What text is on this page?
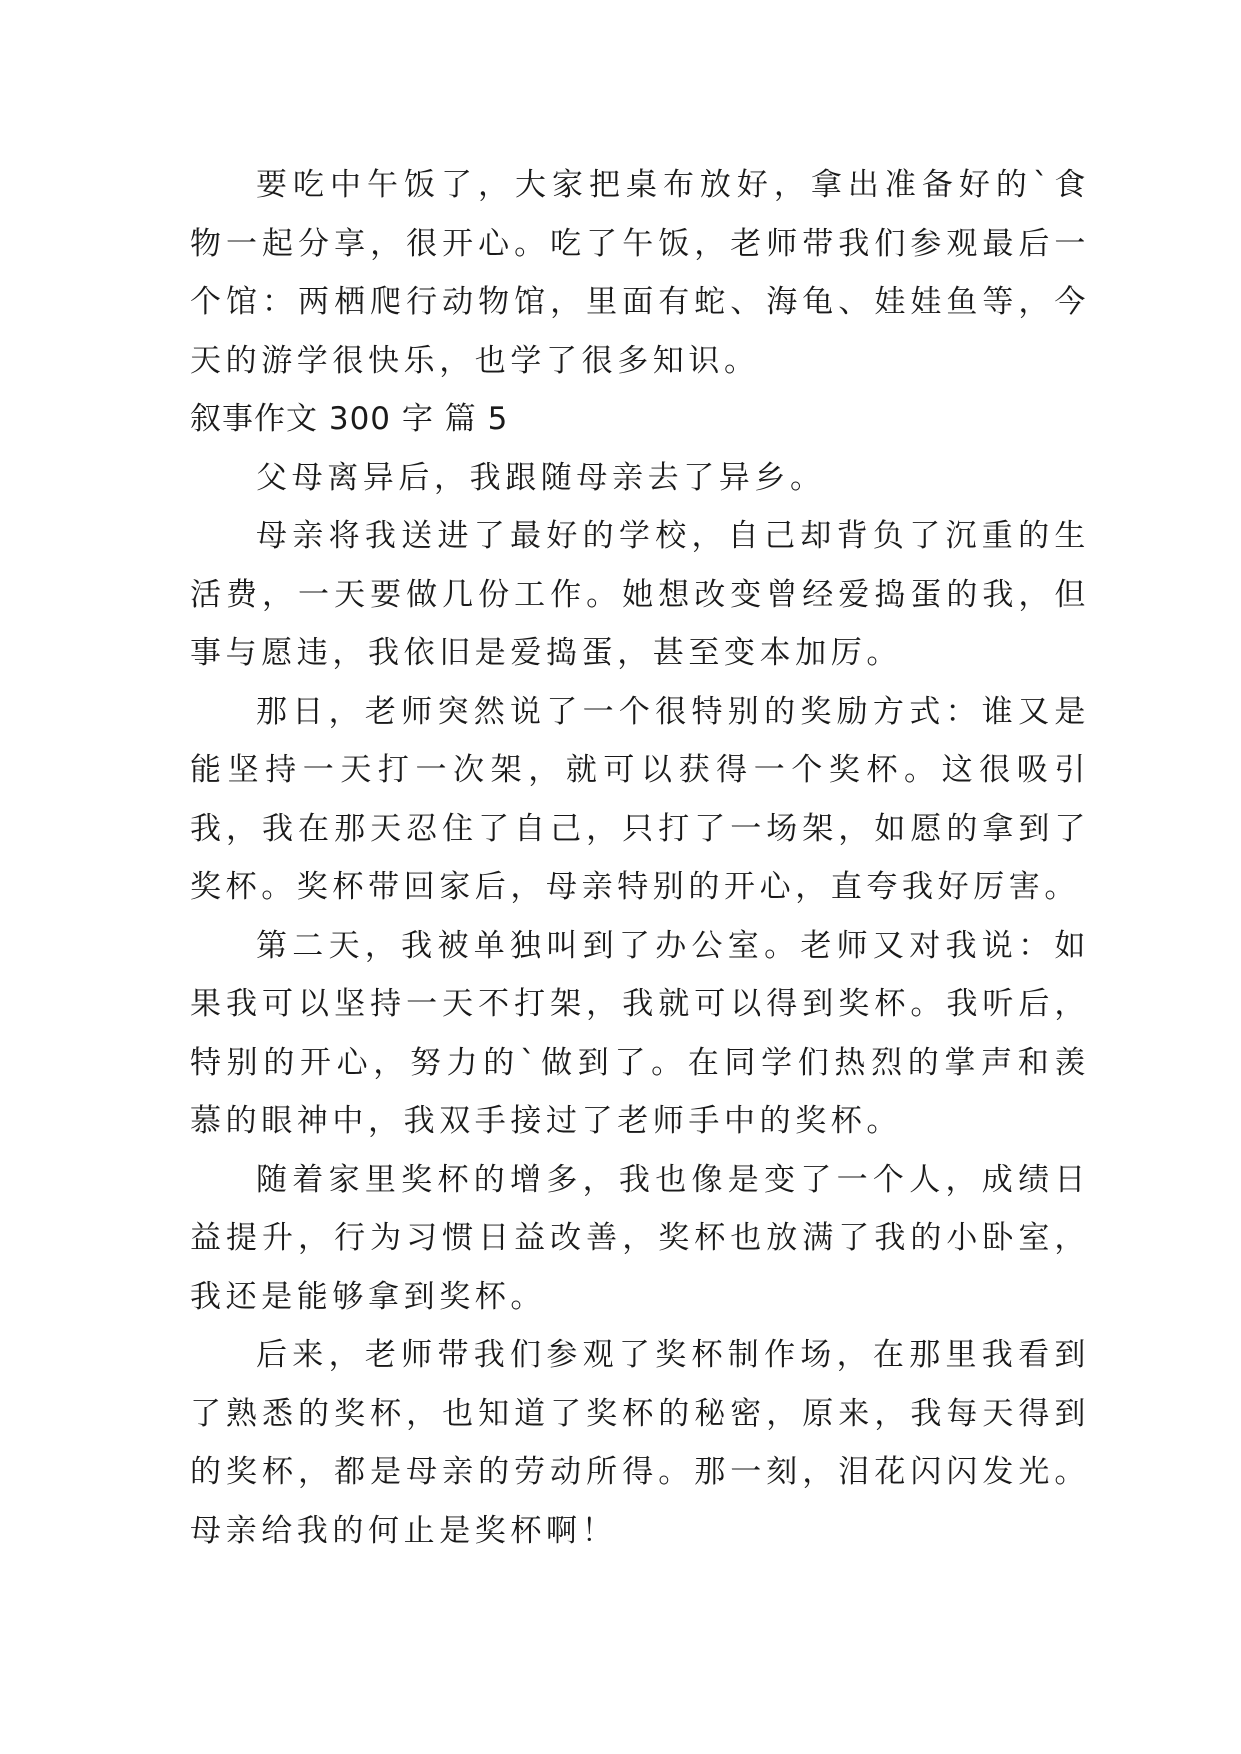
要吃中午饭了，大家把桌布放好，拿出准备好的`食物一起分享，很开心。吃了午饭，老师带我们参观最后一个馆：两栖爬行动物馆，里面有蛇、海龟、娃娃鱼等，今天的游学很快乐，也学了很多知识。

叙事作文 300 字 篇 5

父母离异后，我跟随母亲去了异乡。

母亲将我送进了最好的学校，自己却背负了沉重的生活费，一天要做几份工作。她想改变曾经爱捣蛋的我，但事与愿违，我依旧是爱捣蛋，甚至变本加厉。

那日，老师突然说了一个很特别的奖励方式：谁又是能坚持一天打一次架，就可以获得一个奖杯。这很吸引我，我在那天忍住了自己，只打了一场架，如愿的拿到了奖杯。奖杯带回家后，母亲特别的开心，直夸我好厉害。

第二天，我被单独叫到了办公室。老师又对我说：如果我可以坚持一天不打架，我就可以得到奖杯。我听后，特别的开心，努力的`做到了。在同学们热烈的掌声和羡慕的眼神中，我双手接过了老师手中的奖杯。

随着家里奖杯的增多，我也像是变了一个人，成绩日益提升，行为习惯日益改善，奖杯也放满了我的小卧室，我还是能够拿到奖杯。

后来，老师带我们参观了奖杯制作场，在那里我看到了熟悉的奖杯，也知道了奖杯的秘密，原来，我每天得到的奖杯，都是母亲的劳动所得。那一刻，泪花闪闪发光。母亲给我的何止是奖杯啊！
